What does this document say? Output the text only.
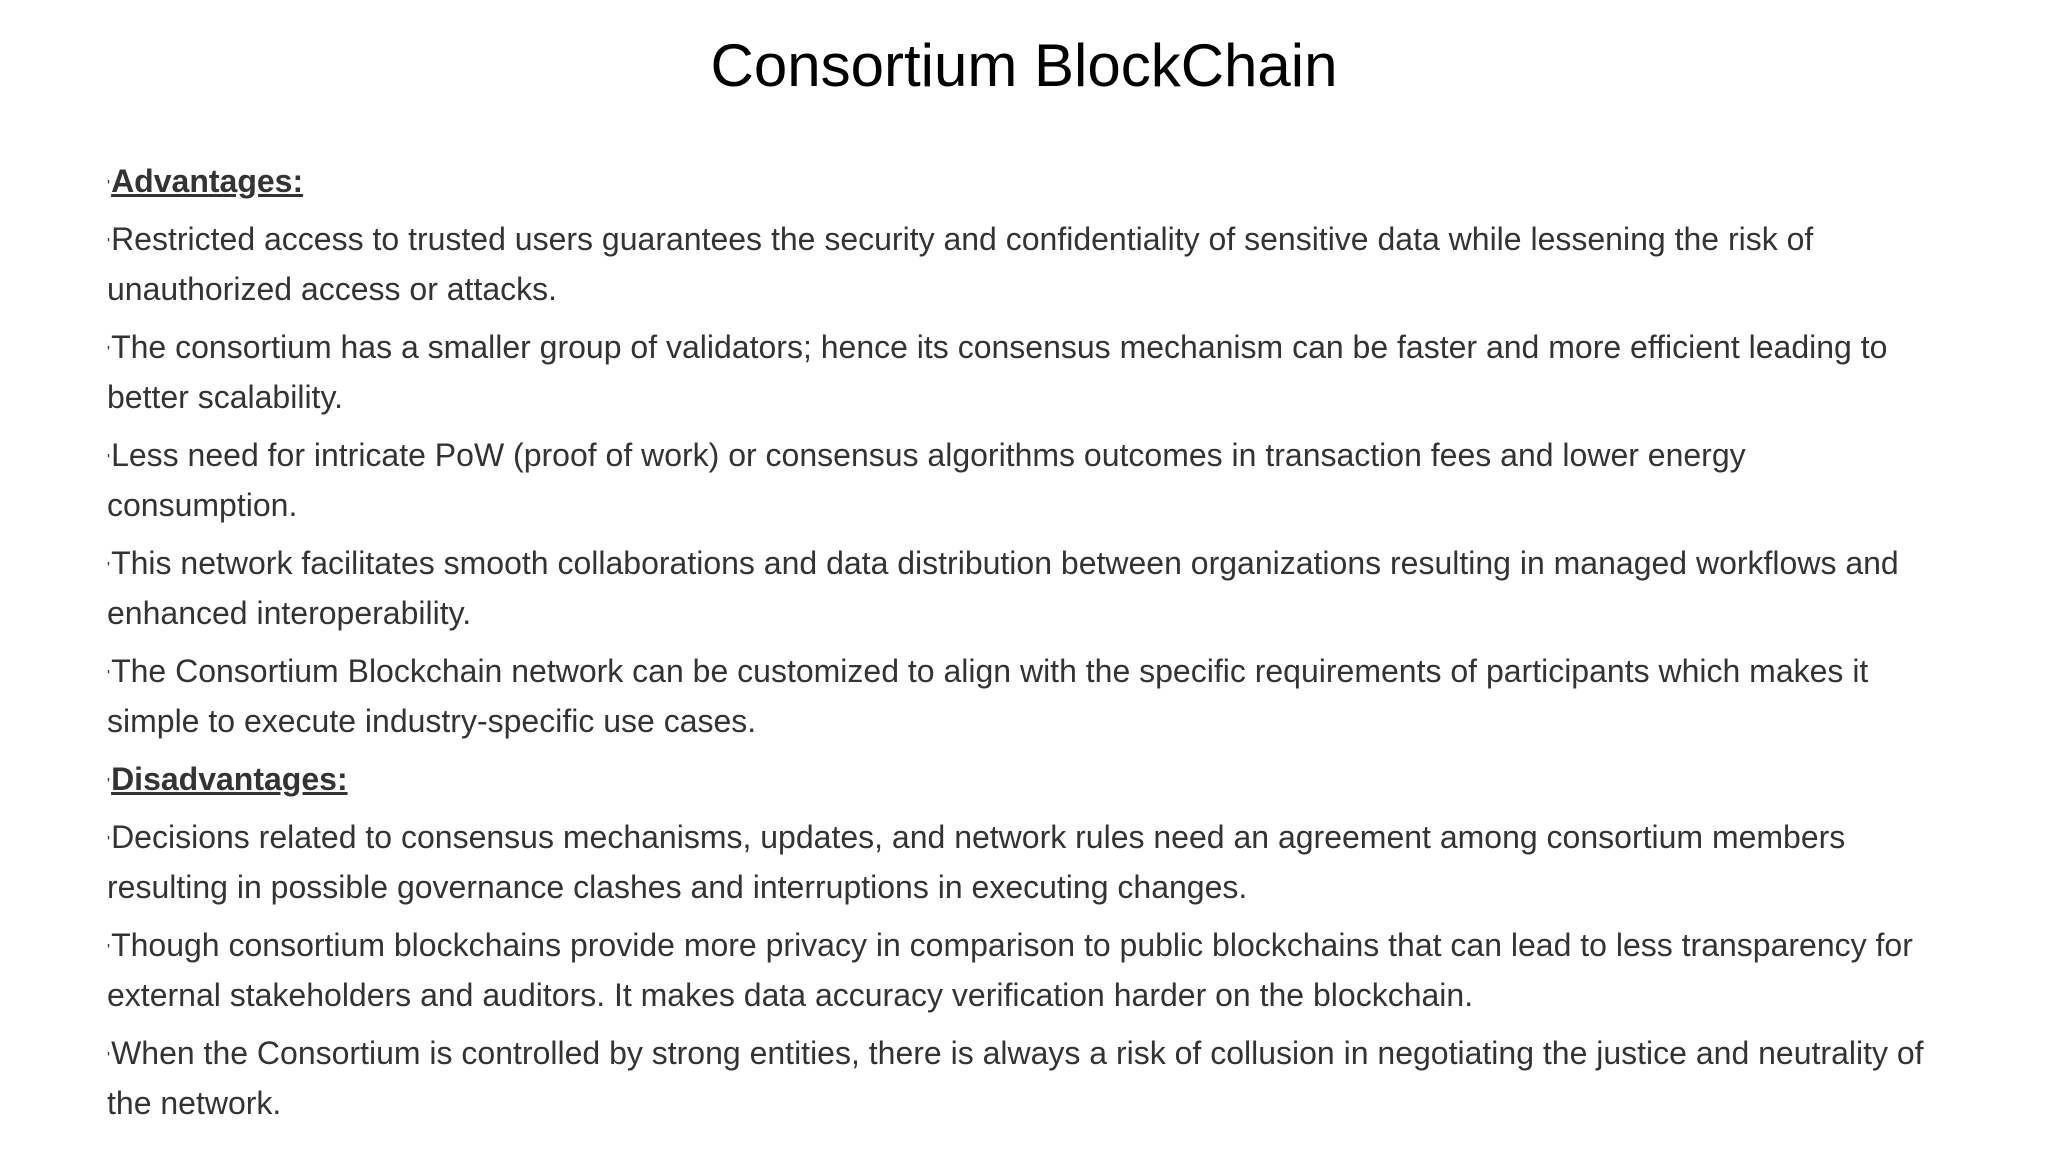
Consortium BlockChain

'Advantages:

'Restricted access to trusted users guarantees the security and confidentiality of sensitive data while lessening the risk of unauthorized access or attacks.

'The consortium has a smaller group of validators; hence its consensus mechanism can be faster and more efficient leading to better scalability.

'Less need for intricate PoW (proof of work) or consensus algorithms outcomes in transaction fees and lower energy consumption.

'This network facilitates smooth collaborations and data distribution between organizations resulting in managed workflows and enhanced interoperability.

'The Consortium Blockchain network can be customized to align with the specific requirements of participants which makes it simple to execute industry-specific use cases.

'Disadvantages:

'Decisions related to consensus mechanisms, updates, and network rules need an agreement among consortium members resulting in possible governance clashes and interruptions in executing changes.

'Though consortium blockchains provide more privacy in comparison to public blockchains that can lead to less transparency for external stakeholders and auditors. It makes data accuracy verification harder on the blockchain.

'When the Consortium is controlled by strong entities, there is always a risk of collusion in negotiating the justice and neutrality of the network.
